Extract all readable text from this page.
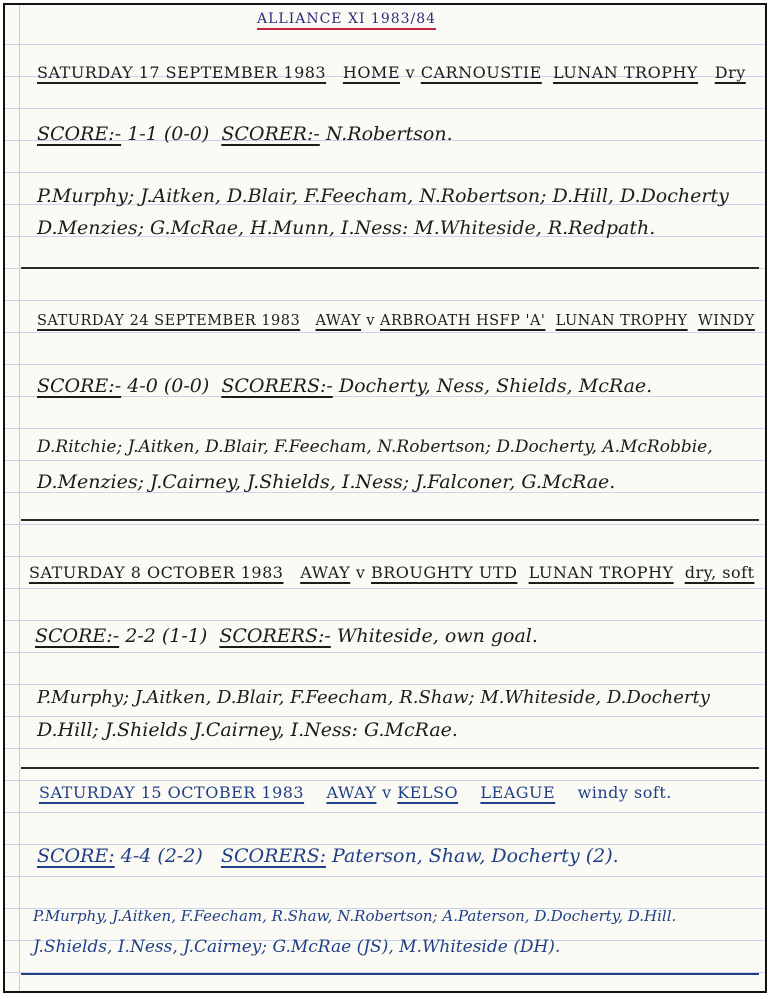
ALLIANCE XI 1983/84
SATURDAY 17 SEPTEMBER 1983 HOME v CARNOUSTIE LUNAN TROPHY Dry
SCORE:- 1-1 (0-0) SCORER:- N.Robertson.
P.Murphy; J.Aitken, D.Blair, F.Feecham, N.Robertson; D.Hill, D.Docherty
D.Menzies; G.McRae, H.Munn, I.Ness: M.Whiteside, R.Redpath.
SATURDAY 24 SEPTEMBER 1983 AWAY v ARBROATH HSFP 'A' LUNAN TROPHY WINDY
SCORE:- 4-0 (0-0) SCORERS:- Docherty, Ness, Shields, McRae.
D.Ritchie; J.Aitken, D.Blair, F.Feecham, N.Robertson; D.Docherty, A.McRobbie,
D.Menzies; J.Cairney, J.Shields, I.Ness; J.Falconer, G.McRae.
SATURDAY 8 OCTOBER 1983 AWAY v BROUGHTY UTD LUNAN TROPHY dry, soft
SCORE:- 2-2 (1-1) SCORERS:- Whiteside, own goal.
P.Murphy; J.Aitken, D.Blair, F.Feecham, R.Shaw; M.Whiteside, D.Docherty
D.Hill; J.Shields J.Cairney, I.Ness: G.McRae.
SATURDAY 15 OCTOBER 1983 AWAY v KELSO LEAGUE windy soft.
SCORE: 4-4 (2-2) SCORERS: Paterson, Shaw, Docherty (2).
P.Murphy, J.Aitken, F.Feecham, R.Shaw, N.Robertson; A.Paterson, D.Docherty, D.Hill.
J.Shields, I.Ness, J.Cairney; G.McRae (JS), M.Whiteside (DH).
